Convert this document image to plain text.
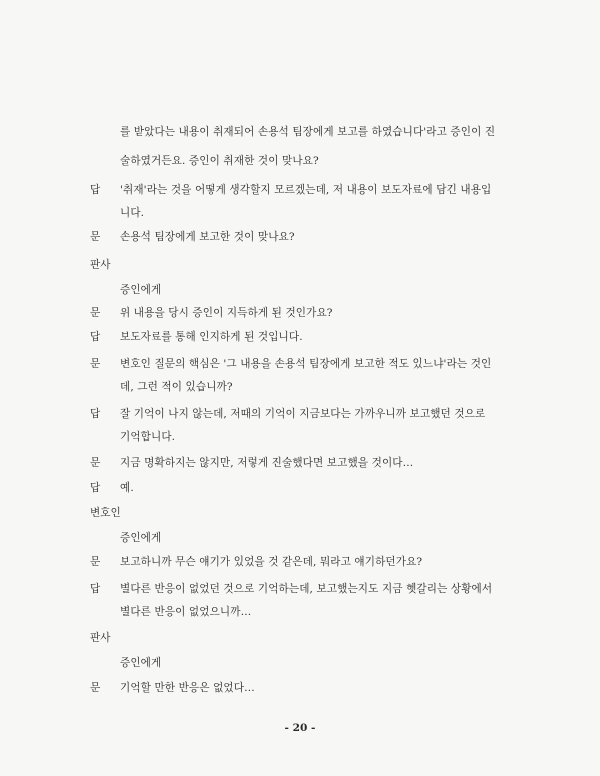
를 받았다는 내용이 취재되어 손용석 팀장에게 보고를 하였습니다'라고 증인이 진
술하였거든요. 증인이 취재한 것이 맞나요?
답 '취재'라는 것을 어떻게 생각할지 모르겠는데, 저 내용이 보도자료에 담긴 내용입
니다.
문 손용석 팀장에게 보고한 것이 맞나요?
판사
증인에게
문 위 내용을 당시 증인이 지득하게 된 것인가요?
답 보도자료를 통해 인지하게 된 것입니다.
문 변호인 질문의 핵심은 '그 내용을 손용석 팀장에게 보고한 적도 있느냐'라는 것인
데, 그런 적이 있습니까?
답 잘 기억이 나지 않는데, 저때의 기억이 지금보다는 가까우니까 보고했던 것으로
기억합니다.
문 지금 명확하지는 않지만, 저렇게 진술했다면 보고했을 것이다…
답 예.
변호인
증인에게
문 보고하니까 무슨 얘기가 있었을 것 같은데, 뭐라고 얘기하던가요?
답 별다른 반응이 없었던 것으로 기억하는데, 보고했는지도 지금 헷갈리는 상황에서
별다른 반응이 없었으니까…
판사
증인에게
문 기억할 만한 반응은 없었다…
- 20 -
